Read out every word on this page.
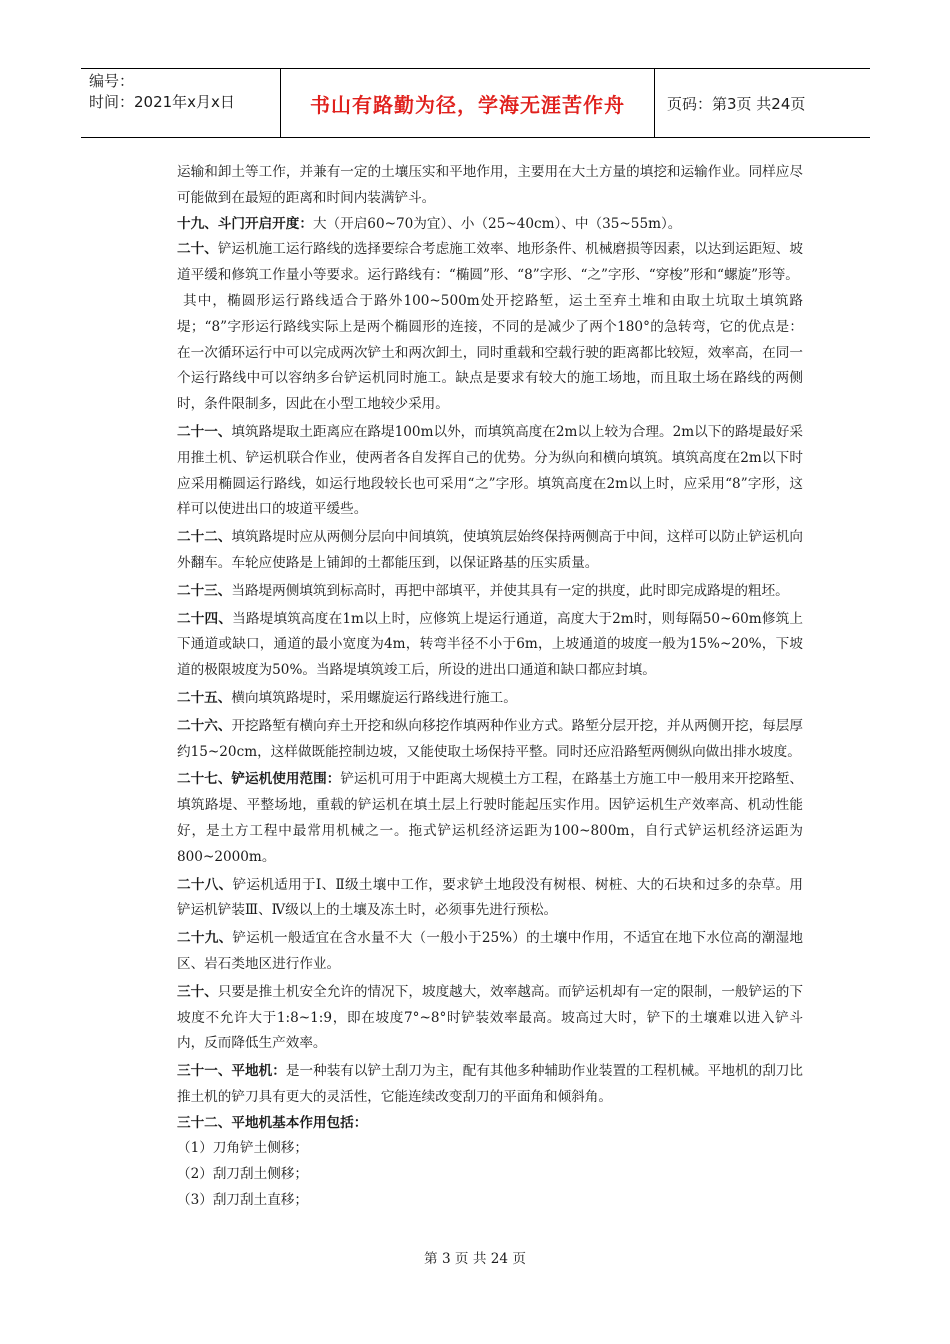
编号：
时间：2021年x月x日	书山有路勤为径，学海无涯苦作舟	页码：第3页 共24页

运输和卸土等工作，并兼有一定的土壤压实和平地作用，主要用在大土方量的填挖和运输作业。同样应尽可能做到在最短的距离和时间内装满铲斗。

十九、斗门开启开度：大（开启60~70为宜）、小（25~40cm）、中（35~55m）。

二十、铲运机施工运行路线的选择要综合考虑施工效率、地形条件、机械磨损等因素，以达到运距短、坡道平缓和修筑工作量小等要求。运行路线有：“椭圆”形、“8”字形、“之”字形、“穿梭”形和“螺旋”形等。

其中，椭圆形运行路线适合于路外100~500m处开挖路堑，运土至弃土堆和由取土坑取土填筑路堤；“8”字形运行路线实际上是两个椭圆形的连接，不同的是减少了两个180°的急转弯，它的优点是：在一次循环运行中可以完成两次铲土和两次卸土，同时重载和空载行驶的距离都比较短，效率高，在同一个运行路线中可以容纳多台铲运机同时施工。缺点是要求有较大的施工场地，而且取土场在路线的两侧时，条件限制多，因此在小型工地较少采用。

二十一、填筑路堤取土距离应在路堤100m以外，而填筑高度在2m以上较为合理。2m以下的路堤最好采用推土机、铲运机联合作业，使两者各自发挥自己的优势。分为纵向和横向填筑。填筑高度在2m以下时应采用椭圆运行路线，如运行地段较长也可采用“之”字形。填筑高度在2m以上时，应采用“8”字形，这样可以使进出口的坡道平缓些。

二十二、填筑路堤时应从两侧分层向中间填筑，使填筑层始终保持两侧高于中间，这样可以防止铲运机向外翻车。车轮应使路是上铺卸的土都能压到，以保证路基的压实质量。

二十三、当路堤两侧填筑到标高时，再把中部填平，并使其具有一定的拱度，此时即完成路堤的粗坯。

二十四、当路堤填筑高度在1m以上时，应修筑上堤运行通道，高度大于2m时，则每隔50~60m修筑上下通道或缺口，通道的最小宽度为4m，转弯半径不小于6m，上坡通道的坡度一般为15%~20%，下坡道的极限坡度为50%。当路堤填筑竣工后，所设的进出口通道和缺口都应封填。

二十五、横向填筑路堤时，采用螺旋运行路线进行施工。

二十六、开挖路堑有横向弃土开挖和纵向移挖作填两种作业方式。路堑分层开挖，并从两侧开挖，每层厚约15~20cm，这样做既能控制边坡，又能使取土场保持平整。同时还应沿路堑两侧纵向做出排水坡度。

二十七、铲运机使用范围：铲运机可用于中距离大规模土方工程，在路基土方施工中一般用来开挖路堑、填筑路堤、平整场地，重载的铲运机在填土层上行驶时能起压实作用。因铲运机生产效率高、机动性能好，是土方工程中最常用机械之一。拖式铲运机经济运距为100~800m，自行式铲运机经济运距为800~2000m。

二十八、铲运机适用于Ⅰ、Ⅱ级土壤中工作，要求铲土地段没有树根、树桩、大的石块和过多的杂草。用铲运机铲装Ⅲ、Ⅳ级以上的土壤及冻土时，必须事先进行预松。

二十九、铲运机一般适宜在含水量不大（一般小于25%）的土壤中作用，不适宜在地下水位高的潮湿地区、岩石类地区进行作业。

三十、只要是推土机安全允许的情况下，坡度越大，效率越高。而铲运机却有一定的限制，一般铲运的下坡度不允许大于1:8~1:9，即在坡度7°~8°时铲装效率最高。坡高过大时，铲下的土壤难以进入铲斗内，反而降低生产效率。

三十一、平地机：是一种装有以铲土刮刀为主，配有其他多种辅助作业装置的工程机械。平地机的刮刀比推土机的铲刀具有更大的灵活性，它能连续改变刮刀的平面角和倾斜角。

三十二、平地机基本作用包括：

（1）刀角铲土侧移；

（2）刮刀刮土侧移；

（3）刮刀刮土直移；

第 3 页 共 24 页
